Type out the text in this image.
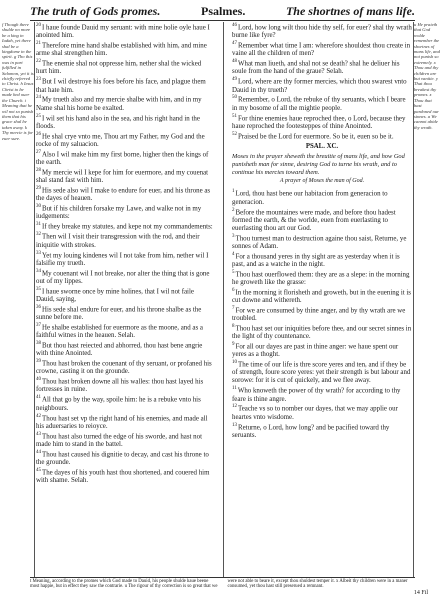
The truth of Gods promes.	Psalmes.	The shortnes of mans life.
f Though there shulde no more be a king in Iudah, yet there shal be a kingdome in the spirit. g Tho this was in part fulfilled in Salomon, yet it is chiefly referred to Christ. h Iesus Christ to be made hed ouer the Church. i Meaning that he wil not so punish them that his grace shal be taken away. k Thy mercie is for euer sure.

$^{20}$I haue founde Dauid my seruant: with mine holie oyle haue I anointed him.

$^{21}$Therefore mine hand shalbe established with him, and mine arme shal strengthen him.

$^{22}$The enemie shal not oppresse him, nether shal the wicked hurt him.

$^{23}$But I wil destroye his foes before his face, and plague them that hate him.

$^{24}$My trueth also and my mercie shalbe with him, and in my Name shal his horne be exalted.

$^{25}$I wil set his hand also in the sea, and his right hand in the floods.

$^{26}$He shal crye vnto me, Thou art my Father, my God and the rocke of my saluacion.

$^{27}$Also I wil make him my first borne, higher then the kings of the earth.

$^{28}$My mercie wil I kepe for him for euermore, and my couenat shal stand fast with him.

$^{29}$His sede also wil I make to endure for euer, and his throne as the dayes of heauen.

$^{30}$But if his children forsake my Lawe, and walke not in my iudgements:

$^{31}$If they breake my statutes, and kepe not my commandements:

$^{32}$Then wil I visit their transgression with the rod, and their iniquitie with strokes.

$^{33}$Yet my louing kindenes wil I not take from him, nether wil I falsifie my trueth.

$^{34}$My couenant wil I not breake, nor alter the thing that is gone out of my lippes.

$^{35}$I haue sworne once by mine holines, that I wil not faile Dauid, saying,

$^{36}$His sede shal endure for euer, and his throne shalbe as the sunne before me.

$^{37}$He shalbe established for euermore as the moone, and as a faithful witnes in the heauen. Selah.

$^{38}$But thou hast reiected and abhorred, thou hast bene angrie with thine Anointed.

$^{39}$Thou hast broken the couenant of thy seruant, or profaned his crowne, casting it on the grounde.

$^{40}$Thou hast broken downe all his walles: thou hast layed his fortresses in ruine.

$^{41}$All that go by the way, spoile him: he is a rebuke vnto his neighbours.

$^{42}$Thou hast set vp the right hand of his enemies, and made all his aduersaries to reioyce.

$^{43}$Thou hast also turned the edge of his sworde, and hast not made him to stand in the battel.

$^{44}$Thou hast caused his dignitie to decay, and cast his throne to the grounde.

$^{45}$The dayes of his youth hast thou shortened, and couered him with shame. Selah.

$^{46}$Lord, how long wilt thou hide thy self, for euer? shal thy wrath burne like fyre?

$^{47}$Remember what time I am: wherefore shouldest thou create in vaine all the children of men?

$^{48}$What man liueth, and shal not se death? shal he deliuer his soule from the hand of the graue? Selah.

$^{49}$Lord, where are thy former mercies, which thou swarest vnto Dauid in thy trueth?

$^{50}$Remember, o Lord, the rebuke of thy seruants, which I beare in my bosome of all the mightie people.

$^{51}$For thine enemies haue reproched thee, o Lord, because they haue reproched the footesteppes of thine Anointed.

$^{52}$Praised be the Lord for euermore. So be it, euen so be it.

PSAL. XC.
Moses in the prayer sheweth the breuitie of mans life, and how God punisheth man for sinne, desiring God to turne his wrath, and to continue his mercies toward them.
A prayer of Moses the man of God.

$^1$Lord, thou hast bene our habitacion from generacion to generacion.

$^2$Before the mountaines were made, and before thou hadest formed the earth, & the worlde, euen from euerlasting to euerlasting thou art our God.

$^3$Thou turnest man to destruction againe thou saist, Returne, ye sonnes of Adam.

$^4$For a thousand yeres in thy sight are as yesterday when it is past, and as a watche in the night.

$^5$Thou hast ouerflowed them: they are as a slepe: in the morning he groweth like the grasse:

$^6$In the morning it florisheth and groweth, but in the euening it is cut downe and withereth.

$^7$For we are consumed by thine anger, and by thy wrath are we troubled.

$^8$Thou hast set our iniquities before thee, and our secret sinnes in the light of thy countenance.

$^9$For all our dayes are past in thine anger: we haue spent our yeres as a thoght.

$^{10}$The time of our life is thre score yeres and ten, and if they be of strength, foure score yeres: yet their strength is but labour and sorowe: for it is cut of quickely, and we flee away.

$^{11}$Who knoweth the power of thy wrath? for according to thy feare is thine angre.

$^{12}$Teache vs so to nomber our dayes, that we may applie our heartes vnto wisdome.

$^{13}$Returne, o Lord, how long? and be pacified toward thy seruants.

u He praieth that God wolde remember the shortnes of mans life, and not punish so extremely. x Thou and thy children are but vanitie. y That thou breakest thy promes. z Thou that hast pardoned our sinnes. a We cannot abide thy wrath.
t Meaning, according to the promes which God made to Dauid, his people shulde haue beene most happie, but in effect they saw the contrarie. u The rigour of thy correction is so great that we were not able to beare it, except thou shuldest temper it. x Albeit thy children were in a maner consumed, yet thou hast still preserued a remnant.
14 Fil
